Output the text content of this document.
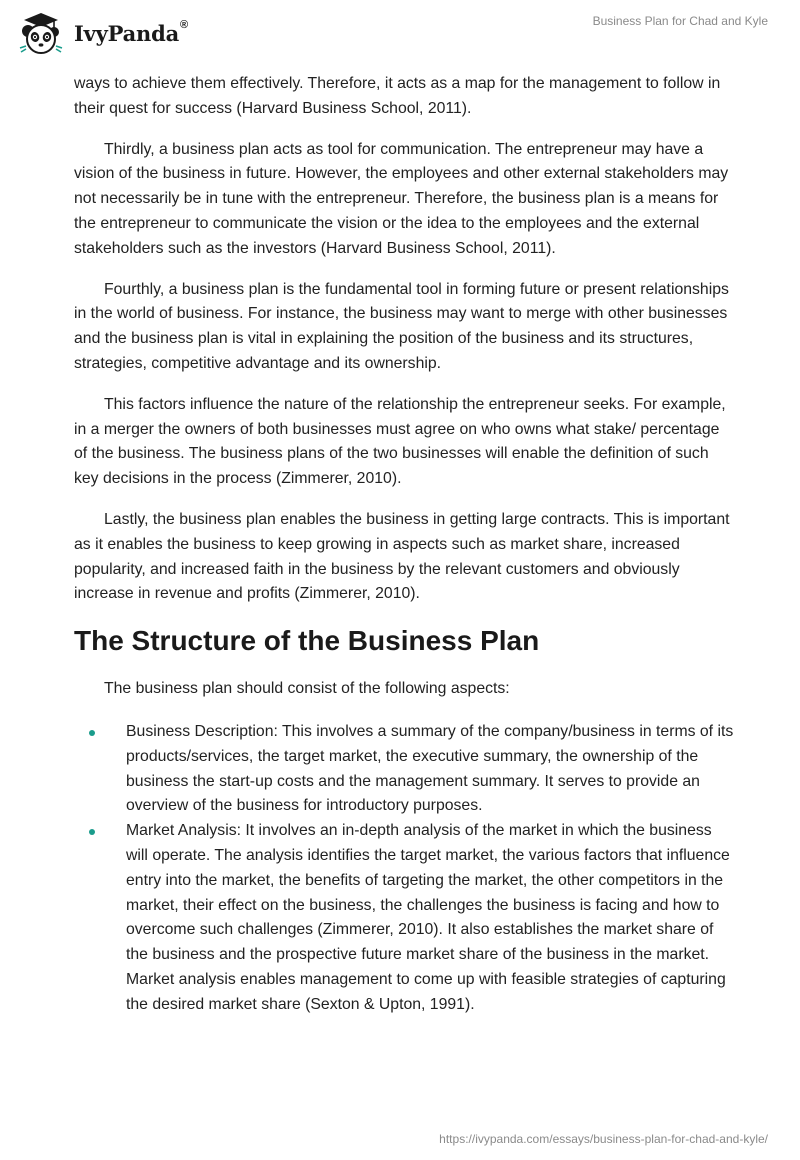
IvyPanda®	Business Plan for Chad and Kyle

ways to achieve them effectively. Therefore, it acts as a map for the management to follow in their quest for success (Harvard Business School, 2011).

Thirdly, a business plan acts as tool for communication. The entrepreneur may have a vision of the business in future. However, the employees and other external stakeholders may not necessarily be in tune with the entrepreneur. Therefore, the business plan is a means for the entrepreneur to communicate the vision or the idea to the employees and the external stakeholders such as the investors (Harvard Business School, 2011).

Fourthly, a business plan is the fundamental tool in forming future or present relationships in the world of business. For instance, the business may want to merge with other businesses and the business plan is vital in explaining the position of the business and its structures, strategies, competitive advantage and its ownership.

This factors influence the nature of the relationship the entrepreneur seeks. For example, in a merger the owners of both businesses must agree on who owns what stake/ percentage of the business. The business plans of the two businesses will enable the definition of such key decisions in the process (Zimmerer, 2010).

Lastly, the business plan enables the business in getting large contracts. This is important as it enables the business to keep growing in aspects such as market share, increased popularity, and increased faith in the business by the relevant customers and obviously increase in revenue and profits (Zimmerer, 2010).

The Structure of the Business Plan

The business plan should consist of the following aspects:

Business Description: This involves a summary of the company/business in terms of its products/services, the target market, the executive summary, the ownership of the business the start-up costs and the management summary. It serves to provide an overview of the business for introductory purposes.
Market Analysis: It involves an in-depth analysis of the market in which the business will operate. The analysis identifies the target market, the various factors that influence entry into the market, the benefits of targeting the market, the other competitors in the market, their effect on the business, the challenges the business is facing and how to overcome such challenges (Zimmerer, 2010). It also establishes the market share of the business and the prospective future market share of the business in the market. Market analysis enables management to come up with feasible strategies of capturing the desired market share (Sexton & Upton, 1991).
https://ivypanda.com/essays/business-plan-for-chad-and-kyle/
